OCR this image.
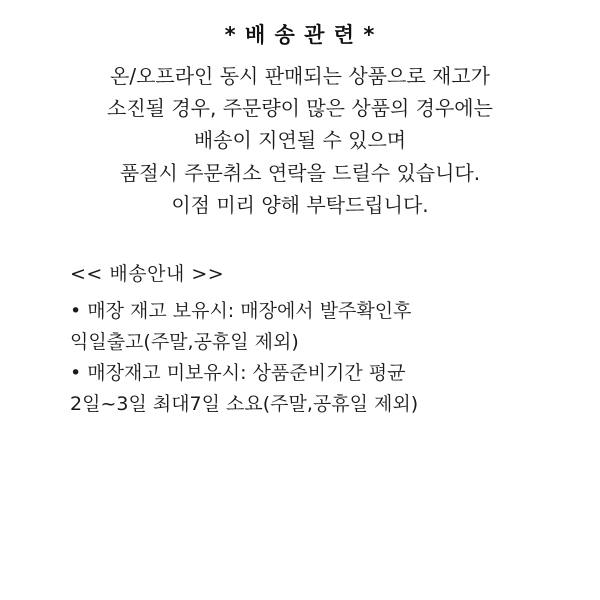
* 배 송 관 련 *
온/오프라인 동시 판매되는 상품으로 재고가
소진될 경우, 주문량이 많은 상품의 경우에는
배송이 지연될 수 있으며
품절시 주문취소 연락을 드릴수 있습니다.
이점 미리 양해 부탁드립니다.

<< 배송안내 >>

• 매장 재고 보유시: 매장에서 발주확인후

익일출고(주말,공휴일 제외)

• 매장재고 미보유시: 상품준비기간 평균

2일~3일 최대7일 소요(주말,공휴일 제외)
